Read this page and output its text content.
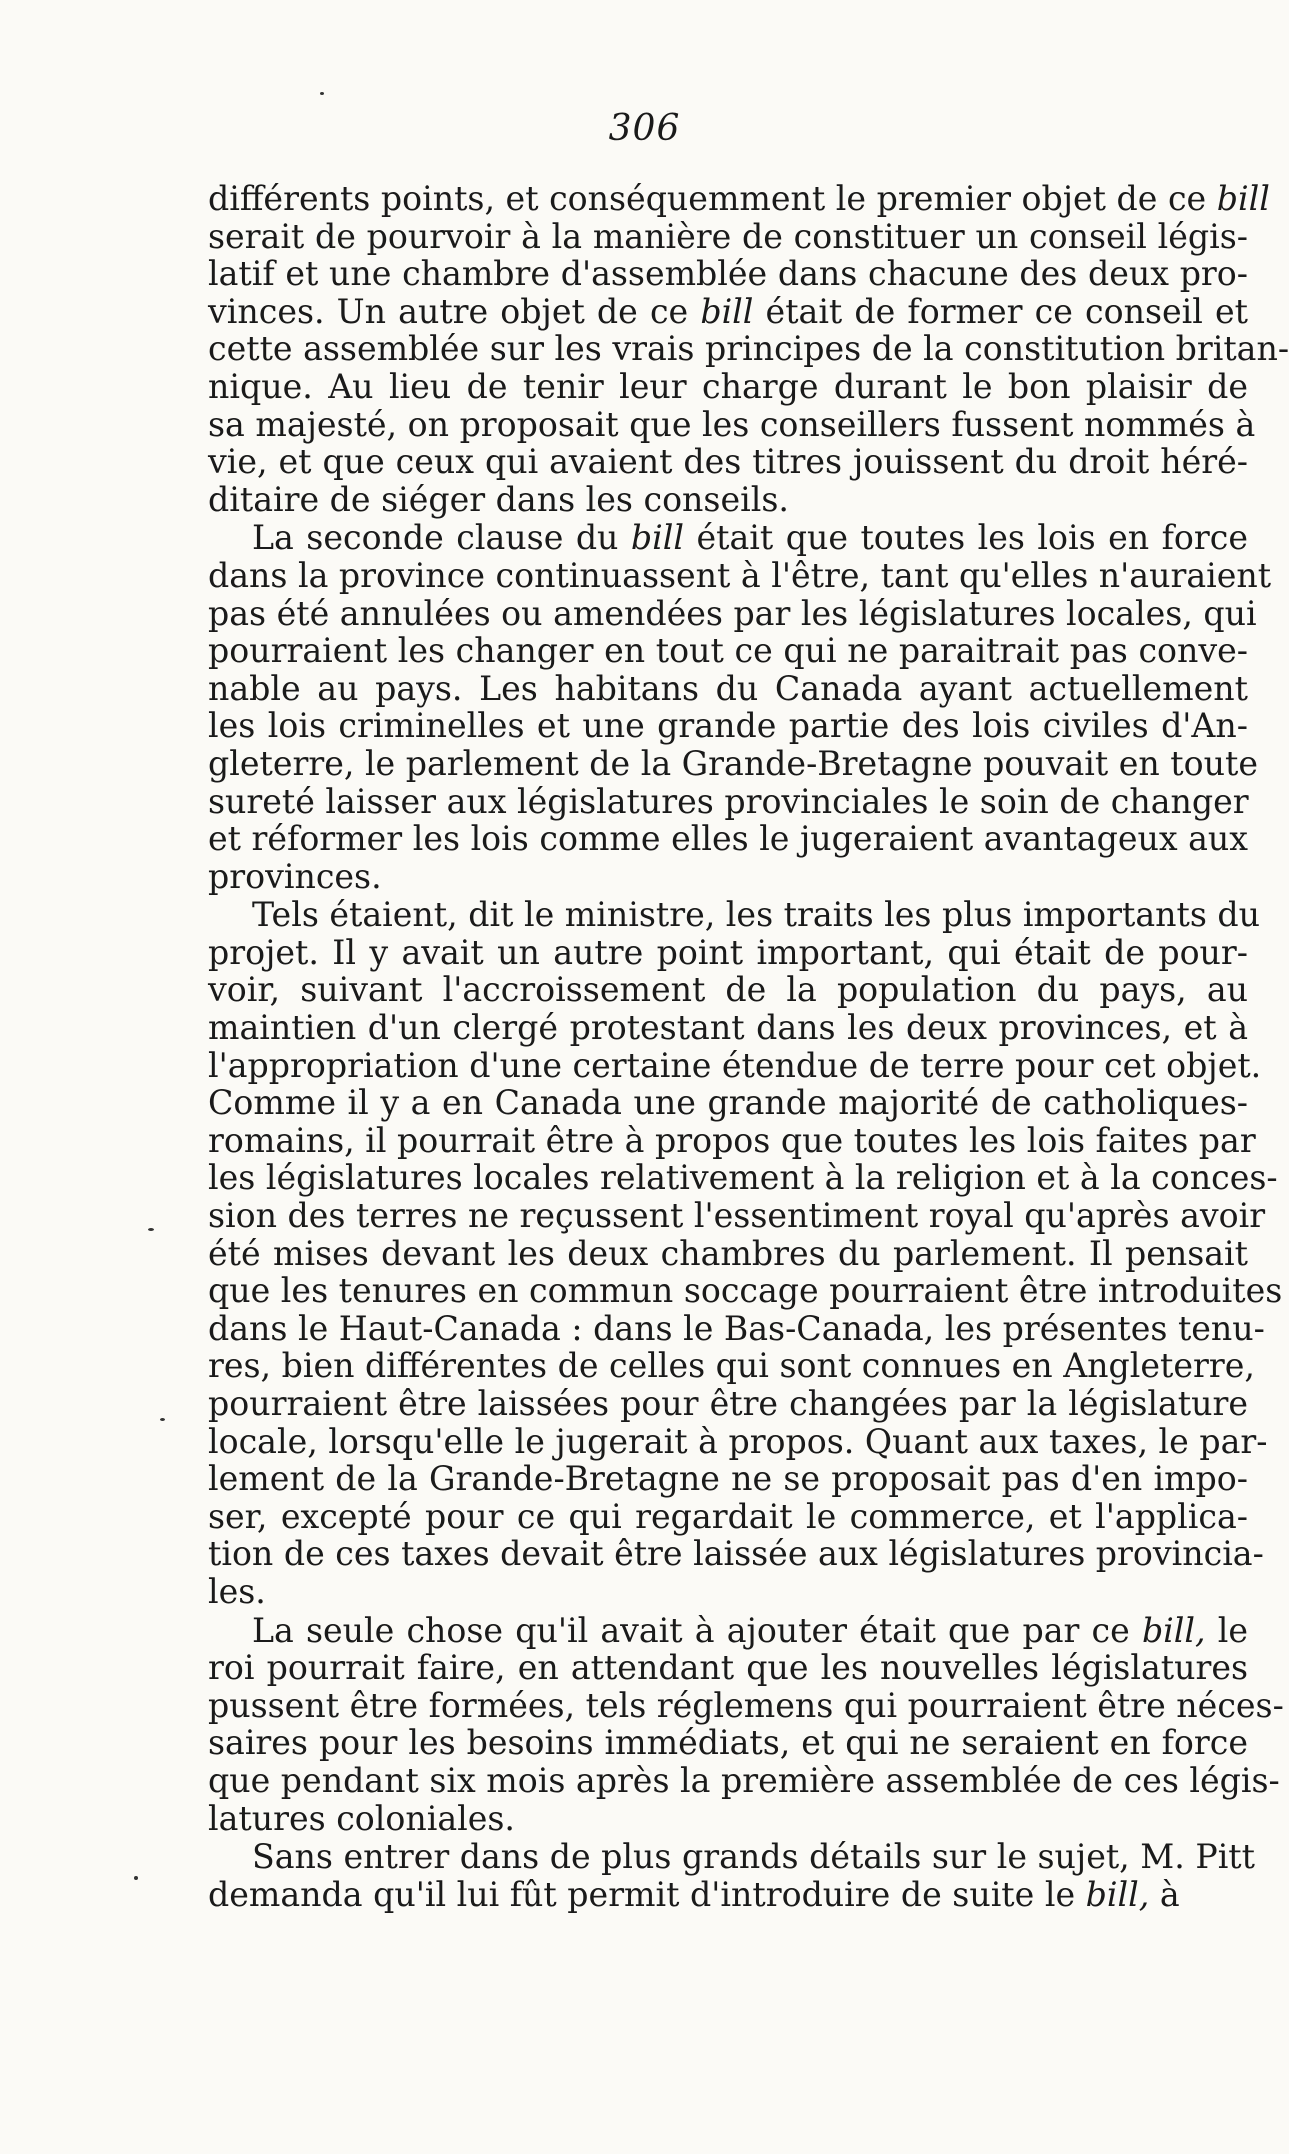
306
différents points, et conséquemment le premier objet de ce bill
serait de pourvoir à la manière de constituer un conseil légis-
latif et une chambre d'assemblée dans chacune des deux pro-
vinces. Un autre objet de ce bill était de former ce conseil et
cette assemblée sur les vrais principes de la constitution britan-
nique. Au lieu de tenir leur charge durant le bon plaisir de
sa majesté, on proposait que les conseillers fussent nommés à
vie, et que ceux qui avaient des titres jouissent du droit héré-
ditaire de siéger dans les conseils.
La seconde clause du bill était que toutes les lois en force
dans la province continuassent à l'être, tant qu'elles n'auraient
pas été annulées ou amendées par les législatures locales, qui
pourraient les changer en tout ce qui ne paraitrait pas conve-
nable au pays. Les habitans du Canada ayant actuellement
les lois criminelles et une grande partie des lois civiles d'An-
gleterre, le parlement de la Grande-Bretagne pouvait en toute
sureté laisser aux législatures provinciales le soin de changer
et réformer les lois comme elles le jugeraient avantageux aux
provinces.
Tels étaient, dit le ministre, les traits les plus importants du
projet. Il y avait un autre point important, qui était de pour-
voir, suivant l'accroissement de la population du pays, au
maintien d'un clergé protestant dans les deux provinces, et à
l'appropriation d'une certaine étendue de terre pour cet objet.
Comme il y a en Canada une grande majorité de catholiques-
romains, il pourrait être à propos que toutes les lois faites par
les législatures locales relativement à la religion et à la conces-
sion des terres ne reçussent l'essentiment royal qu'après avoir
été mises devant les deux chambres du parlement. Il pensait
que les tenures en commun soccage pourraient être introduites
dans le Haut-Canada : dans le Bas-Canada, les présentes tenu-
res, bien différentes de celles qui sont connues en Angleterre,
pourraient être laissées pour être changées par la législature
locale, lorsqu'elle le jugerait à propos. Quant aux taxes, le par-
lement de la Grande-Bretagne ne se proposait pas d'en impo-
ser, excepté pour ce qui regardait le commerce, et l'applica-
tion de ces taxes devait être laissée aux législatures provincia-
les.
La seule chose qu'il avait à ajouter était que par ce bill, le
roi pourrait faire, en attendant que les nouvelles législatures
pussent être formées, tels réglemens qui pourraient être néces-
saires pour les besoins immédiats, et qui ne seraient en force
que pendant six mois après la première assemblée de ces légis-
latures coloniales.
Sans entrer dans de plus grands détails sur le sujet, M. Pitt
demanda qu'il lui fût permit d'introduire de suite le bill, à
